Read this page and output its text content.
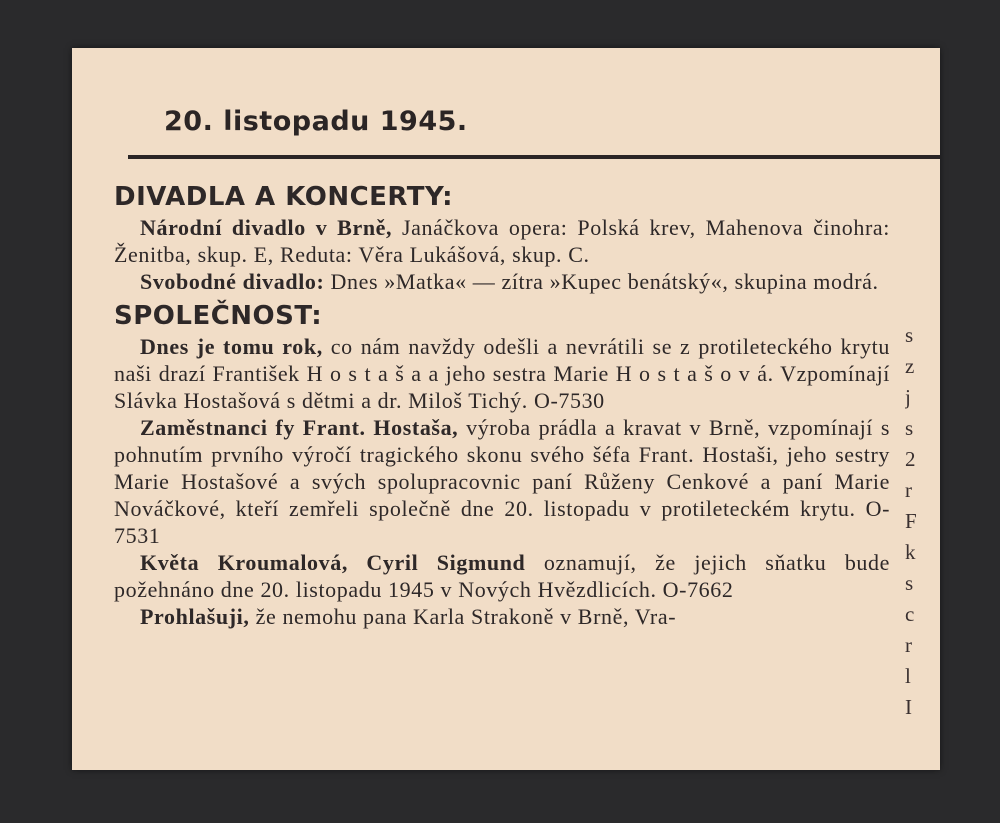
20. listopadu 1945.
DIVADLA A KONCERTY:

Národní divadlo v Brně, Janáčkova opera: Polská krev, Mahenova činohra: Ženitba, skup. E, Reduta: Věra Lukášová, skup. C.

Svobodné divadlo: Dnes »Matka« — zítra »Kupec benátský«, skupina modrá.

SPOLEČNOST:

Dnes je tomu rok, co nám navždy odešli a nevrátili se z protileteckého krytu naši drazí František H o s t a š a a jeho sestra Marie H o s t a š o v á. Vzpomínají Slávka Hostašová s dětmi a dr. Miloš Tichý. O-7530

Zaměstnanci fy Frant. Hostaša, výroba prádla a kravat v Brně, vzpomínají s pohnutím prvního výročí tragického skonu svého šéfa Frant. Hostaši, jeho sestry Marie Hostašové a svých spolupracovnic paní Růženy Cenkové a paní Marie Nováčkové, kteří zemřeli společně dne 20. listopadu v protileteckém krytu. O-7531

Květa Kroumalová, Cyril Sigmund oznamují, že jejich sňatku bude požehnáno dne 20. listopadu 1945 v Nových Hvězdlicích. O-7662

Prohlašuji, že nemohu pana Karla Strakoně v Brně, Vra-

s
z
j
s
2
r
F
k
s
c
r
l
I
